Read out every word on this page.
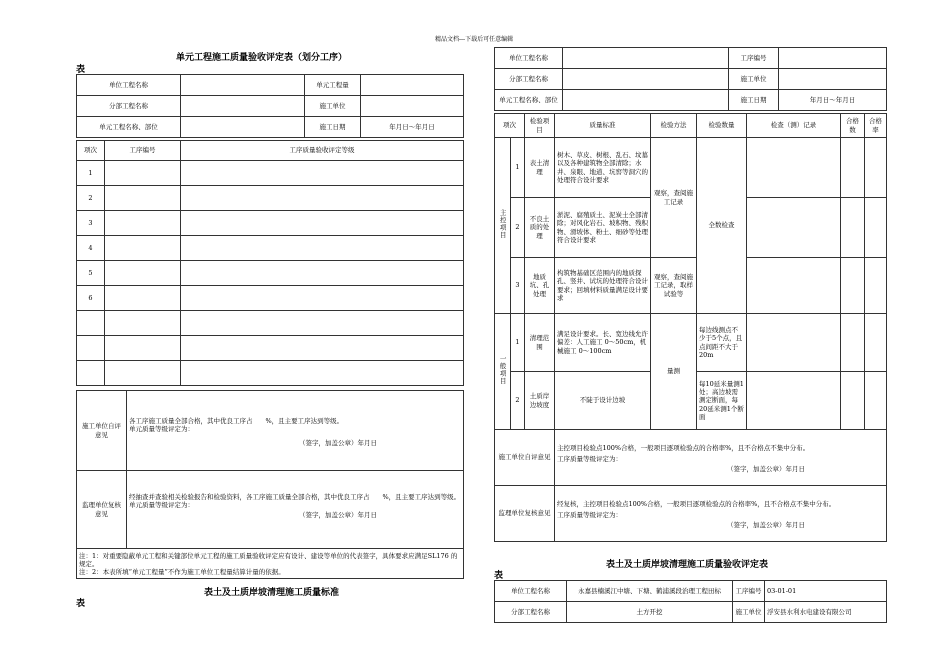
精品文档---下载后可任意编辑
单元工程施工质量验收评定表（划分工序）
表
单位工程名称		单元工程量	
分部工程名称		施工单位	
单元工程名称、部位		施工日期	年月日～年月日
项次	工序编号	工序质量验收评定等级
1		
2		
3		
4		
5		
6		

施工单位自评意见	各工序施工质量全部合格，其中优良工序占　　%，且主要工序达到等级。
单元质量等级评定为：
（签字，加盖公章）年月日

监理单位复核意见	经抽查并查验相关检验报告和检验资料，各工序施工质量全部合格，其中优良工序占　　%，且主要工序达到等级。
单元质量等级评定为：
（签字，加盖公章）年月日

注：1：对重要隐蔽单元工程和关键部位单元工程的施工质量验收评定应有设计、建设等单位的代表签字，具体要求应满足SL176 的规定。
注：2：本表所填“单元工程量”不作为施工单位工程量结算计量的依据。	
表土及土质岸坡清理施工质量标准
表
单位工程名称		工序编号	
分部工程名称		施工单位	
单元工程名称、部位		施工日期	年月日～年月日
项次		检验项目	质量标准	检验方法	检验数量	检查（测）记录	合格数	合格率
主控项目	1	表土清理	树木、草皮、树根、乱石、坟墓以及各种建筑物全部清除；水井、泉眼、地道、坑窖等洞穴的处理符合设计要求	观察，查阅施工记录	全数检查			
	2	不良土质的处理	淤泥、腐殖质土、泥炭土全部清除；对风化岩石、坡积物、残积物、滑坡体、粉土、细砂等处理符合设计要求					
	3	地质坑、孔处理	构筑物基础区范围内的地质探孔、竖井、试坑的处理符合设计要求；回填材料质量满足设计要求	观察，查阅施工记录，取样试验等				
一般项目	1	清理范围	满足设计要求。长、宽边线允许偏差：人工施工 0～50cm，机械施工 0～100cm	量测	每边线测点不少于5个点，且点间距不大于20m			
	2	土质岸边坡度	不陡于设计边坡		每10延米量测1处；高边坡需测定断面，每20延米测1个断面			
施工单位自评意见			主控项目检验点100%合格，一般项目逐项检验点的合格率%，且不合格点不集中分布。
工序质量等级评定为：
（签字，加盖公章）年月日					

监理单位复核意见			经复核，主控项目检验点100%合格，一般项目逐项检验点的合格率%，且不合格点不集中分布。
工序质量等级评定为：
（签字，加盖公章）年月日					
表土及土质岸坡清理施工质量验收评定表
表
单位工程名称	永嘉县楠溪江中塘、下塘、鹤浦溪段治理工程田标	工序编号	03-01-01
分部工程名称	土方开挖	施工单位	浮安县水利水电建设有限公司
